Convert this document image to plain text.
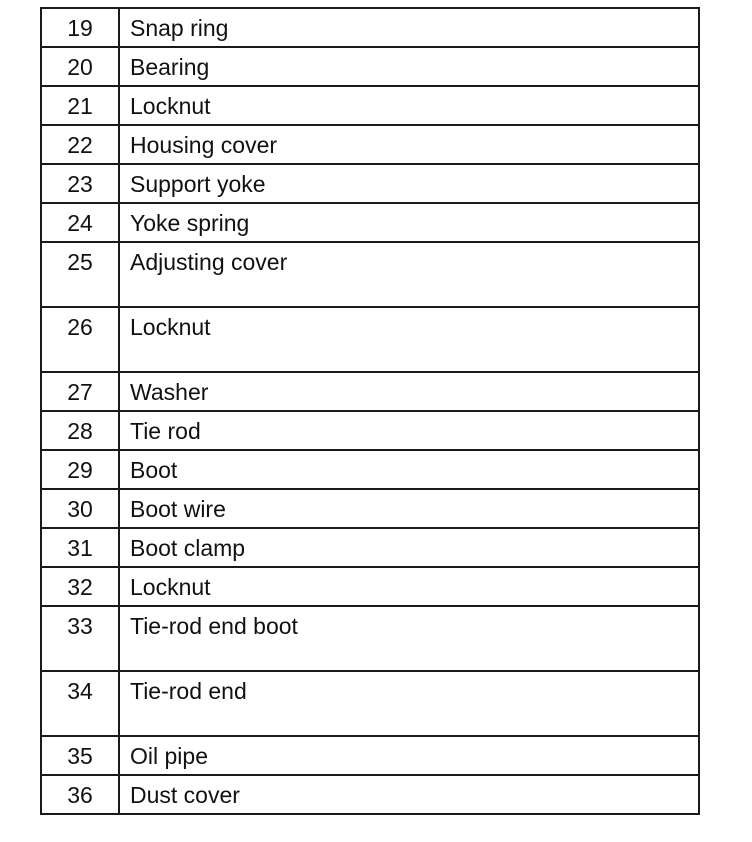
19	Snap ring
20	Bearing
21	Locknut
22	Housing cover
23	Support yoke
24	Yoke spring
25	Adjusting cover
26	Locknut
27	Washer
28	Tie rod
29	Boot
30	Boot wire
31	Boot clamp
32	Locknut
33	Tie-rod end boot
34	Tie-rod end
35	Oil pipe
36	Dust cover
